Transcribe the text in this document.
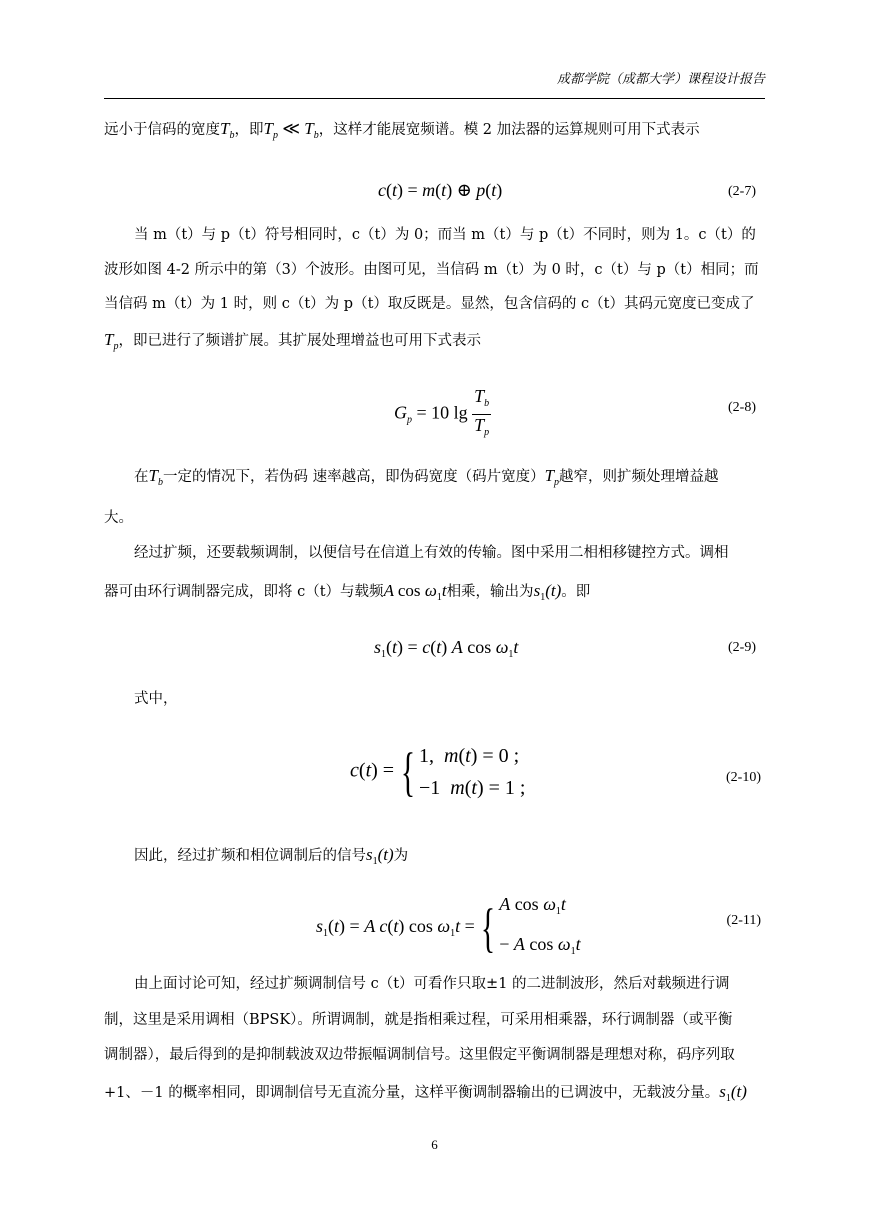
成都学院（成都大学）课程设计报告
远小于信码的宽度$T_b$，即$T_p$ ≪ $T_b$，这样才能展宽频谱。模 2 加法器的运算规则可用下式表示
c(t) = m(t) ⊕ p(t)	(2-7)
当 m（t）与 p（t）符号相同时，c（t）为 0；而当 m（t）与 p（t）不同时，则为 1。c（t）的
波形如图 4-2 所示中的第（3）个波形。由图可见，当信码 m（t）为 0 时，c（t）与 p（t）相同；而
当信码 m（t）为 1 时，则 c（t）为 p（t）取反既是。显然，包含信码的 c（t）其码元宽度已变成了
$T_p$，即已进行了频谱扩展。其扩展处理增益也可用下式表示
$G_p = 10$ $\lg \frac{T_b}{T_p}$	(2-8)
在$T_b$一定的情况下，若伪码 速率越高，即伪码宽度（码片宽度）$T_p$越窄，则扩频处理增益越
大。
经过扩频，还要载频调制，以便信号在信道上有效的传输。图中采用二相相移键控方式。调相
器可由环行调制器完成，即将 c（t）与载频A $\cos \omega_1t$相乘，输出为$s_1(t)$。即
$s_1(t) = c(t)$ A $\cos \omega_1t$	(2-9)
式中，
c(t) = { 1,  m(t) = 0 ;
−1  m(t) = 1 ;	(2-10)
因此，经过扩频和相位调制后的信号$s_1(t)$为
$s_1(t) = A$ c(t) $\cos \omega_1t$ = { A $\cos \omega_1t$
− A $\cos \omega_1t$
(2-11)
由上面讨论可知，经过扩频调制信号 c（t）可看作只取±1 的二进制波形，然后对载频进行调
制，这里是采用调相（BPSK）。所谓调制，就是指相乘过程，可采用相乘器，环行调制器（或平衡
调制器），最后得到的是抑制载波双边带振幅调制信号。这里假定平衡调制器是理想对称，码序列取
+1、－1 的概率相同，即调制信号无直流分量，这样平衡调制器输出的已调波中，无载波分量。$s_1(t)$
6
